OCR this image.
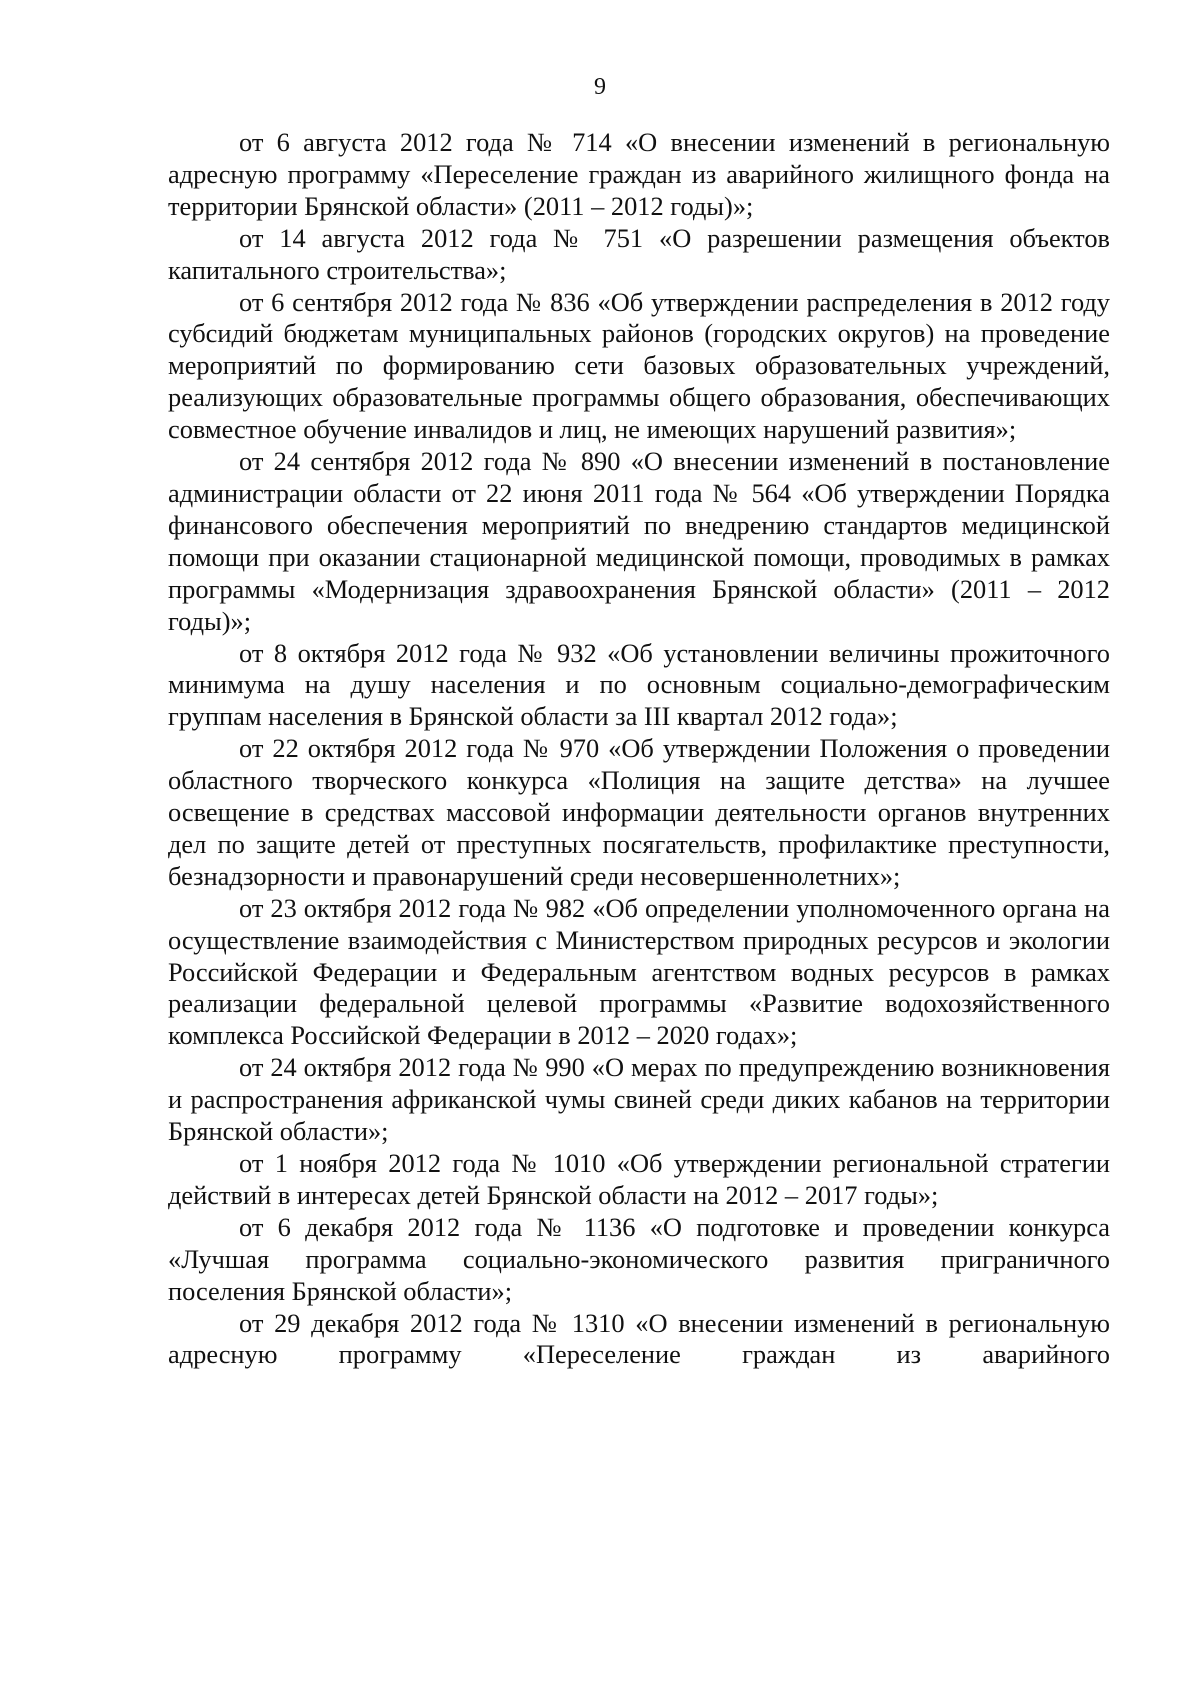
9

от 6 августа 2012 года № 714 «О внесении изменений в региональную адресную программу «Переселение граждан из аварийного жилищного фонда на территории Брянской области» (2011 – 2012 годы)»;

от 14 августа 2012 года № 751 «О разрешении размещения объектов капитального строительства»;

от 6 сентября 2012 года № 836 «Об утверждении распределения в 2012 году субсидий бюджетам муниципальных районов (городских округов) на проведение мероприятий по формированию сети базовых образовательных учреждений, реализующих образовательные программы общего образования, обеспечивающих совместное обучение инвалидов и лиц, не имеющих нарушений развития»;

от 24 сентября 2012 года № 890 «О внесении изменений в постановление администрации области от 22 июня 2011 года № 564 «Об утверждении Порядка финансового обеспечения мероприятий по внедрению стандартов медицинской помощи при оказании стационарной медицинской помощи, проводимых в рамках программы «Модернизация здравоохранения Брянской области» (2011 – 2012 годы)»;

от 8 октября 2012 года № 932 «Об установлении величины прожиточного минимума на душу населения и по основным социально-демографическим группам населения в Брянской области за III квартал 2012 года»;

от 22 октября 2012 года № 970 «Об утверждении Положения о проведении областного творческого конкурса «Полиция на защите детства» на лучшее освещение в средствах массовой информации деятельности органов внутренних дел по защите детей от преступных посягательств, профилактике преступности, безнадзорности и правонарушений среди несовершеннолетних»;

от 23 октября 2012 года № 982 «Об определении уполномоченного органа на осуществление взаимодействия с Министерством природных ресурсов и экологии Российской Федерации и Федеральным агентством водных ресурсов в рамках реализации федеральной целевой программы «Развитие водохозяйственного комплекса Российской Федерации в 2012 – 2020 годах»;

от 24 октября 2012 года № 990 «О мерах по предупреждению возникновения и распространения африканской чумы свиней среди диких кабанов на территории Брянской области»;

от 1 ноября 2012 года № 1010 «Об утверждении региональной стратегии действий в интересах детей Брянской области на 2012 – 2017 годы»;

от 6 декабря 2012 года № 1136 «О подготовке и проведении конкурса «Лучшая программа социально-экономического развития приграничного поселения Брянской области»;

от 29 декабря 2012 года № 1310 «О внесении изменений в региональную адресную программу «Переселение граждан из аварийного
